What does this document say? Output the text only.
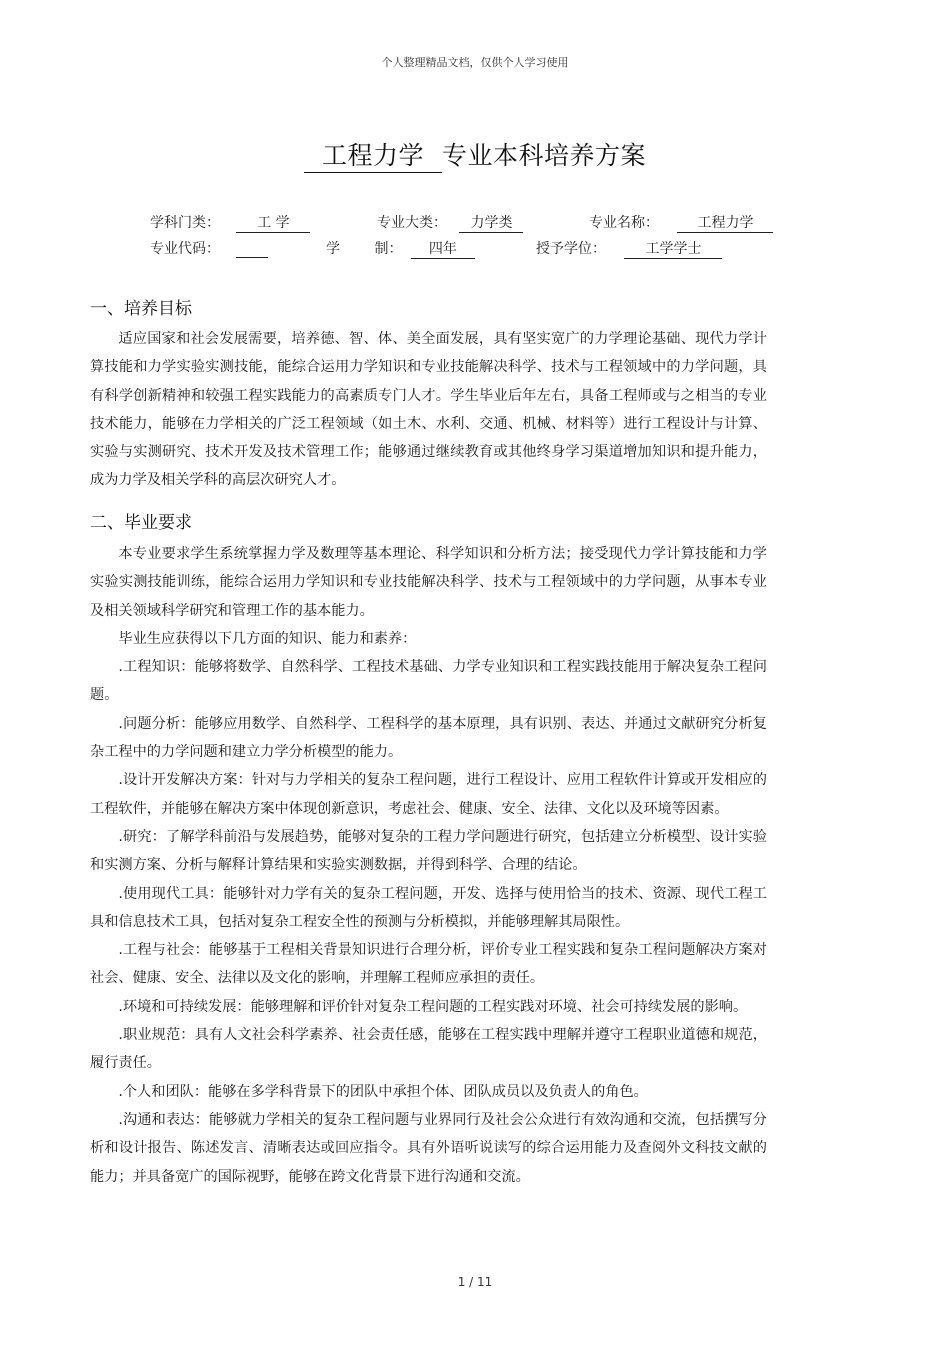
个人整理精品文档，仅供个人学习使用
工程力学 专业本科培养方案
学科门类：	工 学	专业大类： 力学类	专业名称：	工程力学
专业代码：	学 制： 四年	授予学位：	工学学士
一、培养目标
适应国家和社会发展需要，培养德、智、体、美全面发展，具有坚实宽广的力学理论基础、现代力学计算技能和力学实验实测技能，能综合运用力学知识和专业技能解决科学、技术与工程领域中的力学问题，具有科学创新精神和较强工程实践能力的高素质专门人才。学生毕业后年左右，具备工程师或与之相当的专业技术能力，能够在力学相关的广泛工程领域（如土木、水利、交通、机械、材料等）进行工程设计与计算、实验与实测研究、技术开发及技术管理工作；能够通过继续教育或其他终身学习渠道增加知识和提升能力，成为力学及相关学科的高层次研究人才。
二、毕业要求
本专业要求学生系统掌握力学及数理等基本理论、科学知识和分析方法；接受现代力学计算技能和力学实验实测技能训练，能综合运用力学知识和专业技能解决科学、技术与工程领域中的力学问题，从事本专业及相关领域科学研究和管理工作的基本能力。
毕业生应获得以下几方面的知识、能力和素养：
.工程知识：能够将数学、自然科学、工程技术基础、力学专业知识和工程实践技能用于解决复杂工程问题。
.问题分析：能够应用数学、自然科学、工程科学的基本原理，具有识别、表达、并通过文献研究分析复杂工程中的力学问题和建立力学分析模型的能力。
.设计开发解决方案：针对与力学相关的复杂工程问题，进行工程设计、应用工程软件计算或开发相应的工程软件，并能够在解决方案中体现创新意识，考虑社会、健康、安全、法律、文化以及环境等因素。
.研究：了解学科前沿与发展趋势，能够对复杂的工程力学问题进行研究，包括建立分析模型、设计实验和实测方案、分析与解释计算结果和实验实测数据，并得到科学、合理的结论。
.使用现代工具：能够针对力学有关的复杂工程问题，开发、选择与使用恰当的技术、资源、现代工程工具和信息技术工具，包括对复杂工程安全性的预测与分析模拟，并能够理解其局限性。
.工程与社会：能够基于工程相关背景知识进行合理分析，评价专业工程实践和复杂工程问题解决方案对社会、健康、安全、法律以及文化的影响，并理解工程师应承担的责任。
.环境和可持续发展：能够理解和评价针对复杂工程问题的工程实践对环境、社会可持续发展的影响。
.职业规范：具有人文社会科学素养、社会责任感，能够在工程实践中理解并遵守工程职业道德和规范，履行责任。
.个人和团队：能够在多学科背景下的团队中承担个体、团队成员以及负责人的角色。
.沟通和表达：能够就力学相关的复杂工程问题与业界同行及社会公众进行有效沟通和交流，包括撰写分析和设计报告、陈述发言、清晰表达或回应指令。具有外语听说读写的综合运用能力及查阅外文科技文献的能力；并具备宽广的国际视野，能够在跨文化背景下进行沟通和交流。
1 / 11
